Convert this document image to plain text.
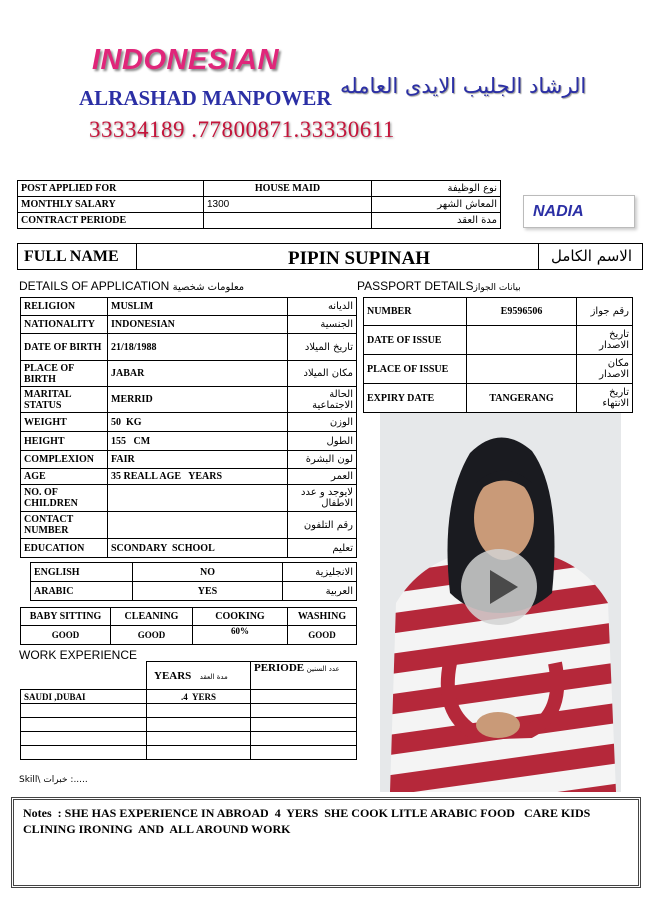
INDONESIAN
ALRASHAD MANPOWER الرشاد الجليب الايدى العامله
33334189 .77800871.33330611
POST APPLIED FOR	HOUSE MAID	نوع الوظيفة
MONTHLY SALARY	1300	المعاش الشهر
CONTRACT PERIODE		مدة العقد
NADIA
FULL NAME	PIPIN SUPINAH	الاسم الكامل
DETAILS OF APPLICATION معلومات شخصية
RELIGION	MUSLIM	الديانه
NATIONALITY	INDONESIAN	الجنسية
DATE OF BIRTH	21/18/1988	تاريخ الميلاد
PLACE OF BIRTH	JABAR	مكان الميلاد
MARITAL STATUS	MERRID	الحالة الاجتماعية
WEIGHT	50  KG	الوزن
HEIGHT	155   CM	الطول
COMPLEXION	FAIR	لون البشرة
AGE	35 REALL AGE   YEARS	العمر
NO. OF CHILDREN		لايوجد و عدد الاطفال
CONTACT NUMBER		رقم التلفون
EDUCATION	SCONDARY  SCHOOL	تعليم
ENGLISH	NO	الانجليزية
ARABIC	YES	العربية
BABY SITTING	CLEANING	COOKING	WASHING
GOOD	GOOD	60%	GOOD
WORK EXPERIENCE
	YEARS مدة العقد	PERIODE عدد السنين
SAUDI ,DUBAI	.4  YERS	

Skill\ خبرات :.....
PASSPORT DETAILSبيانات الجواز
NUMBER	E9596506	رقم جواز
DATE OF ISSUE		تاريخ الاصدار
PLACE OF ISSUE		مكان الاصدار
EXPIRY DATE	TANGERANG	تاريخ الانتهاء
Notes  : SHE HAS EXPERIENCE IN ABROAD  4  YERS  SHE COOK LITLE ARABIC FOOD   CARE KIDS CLINING IRONING  AND  ALL AROUND WORK
